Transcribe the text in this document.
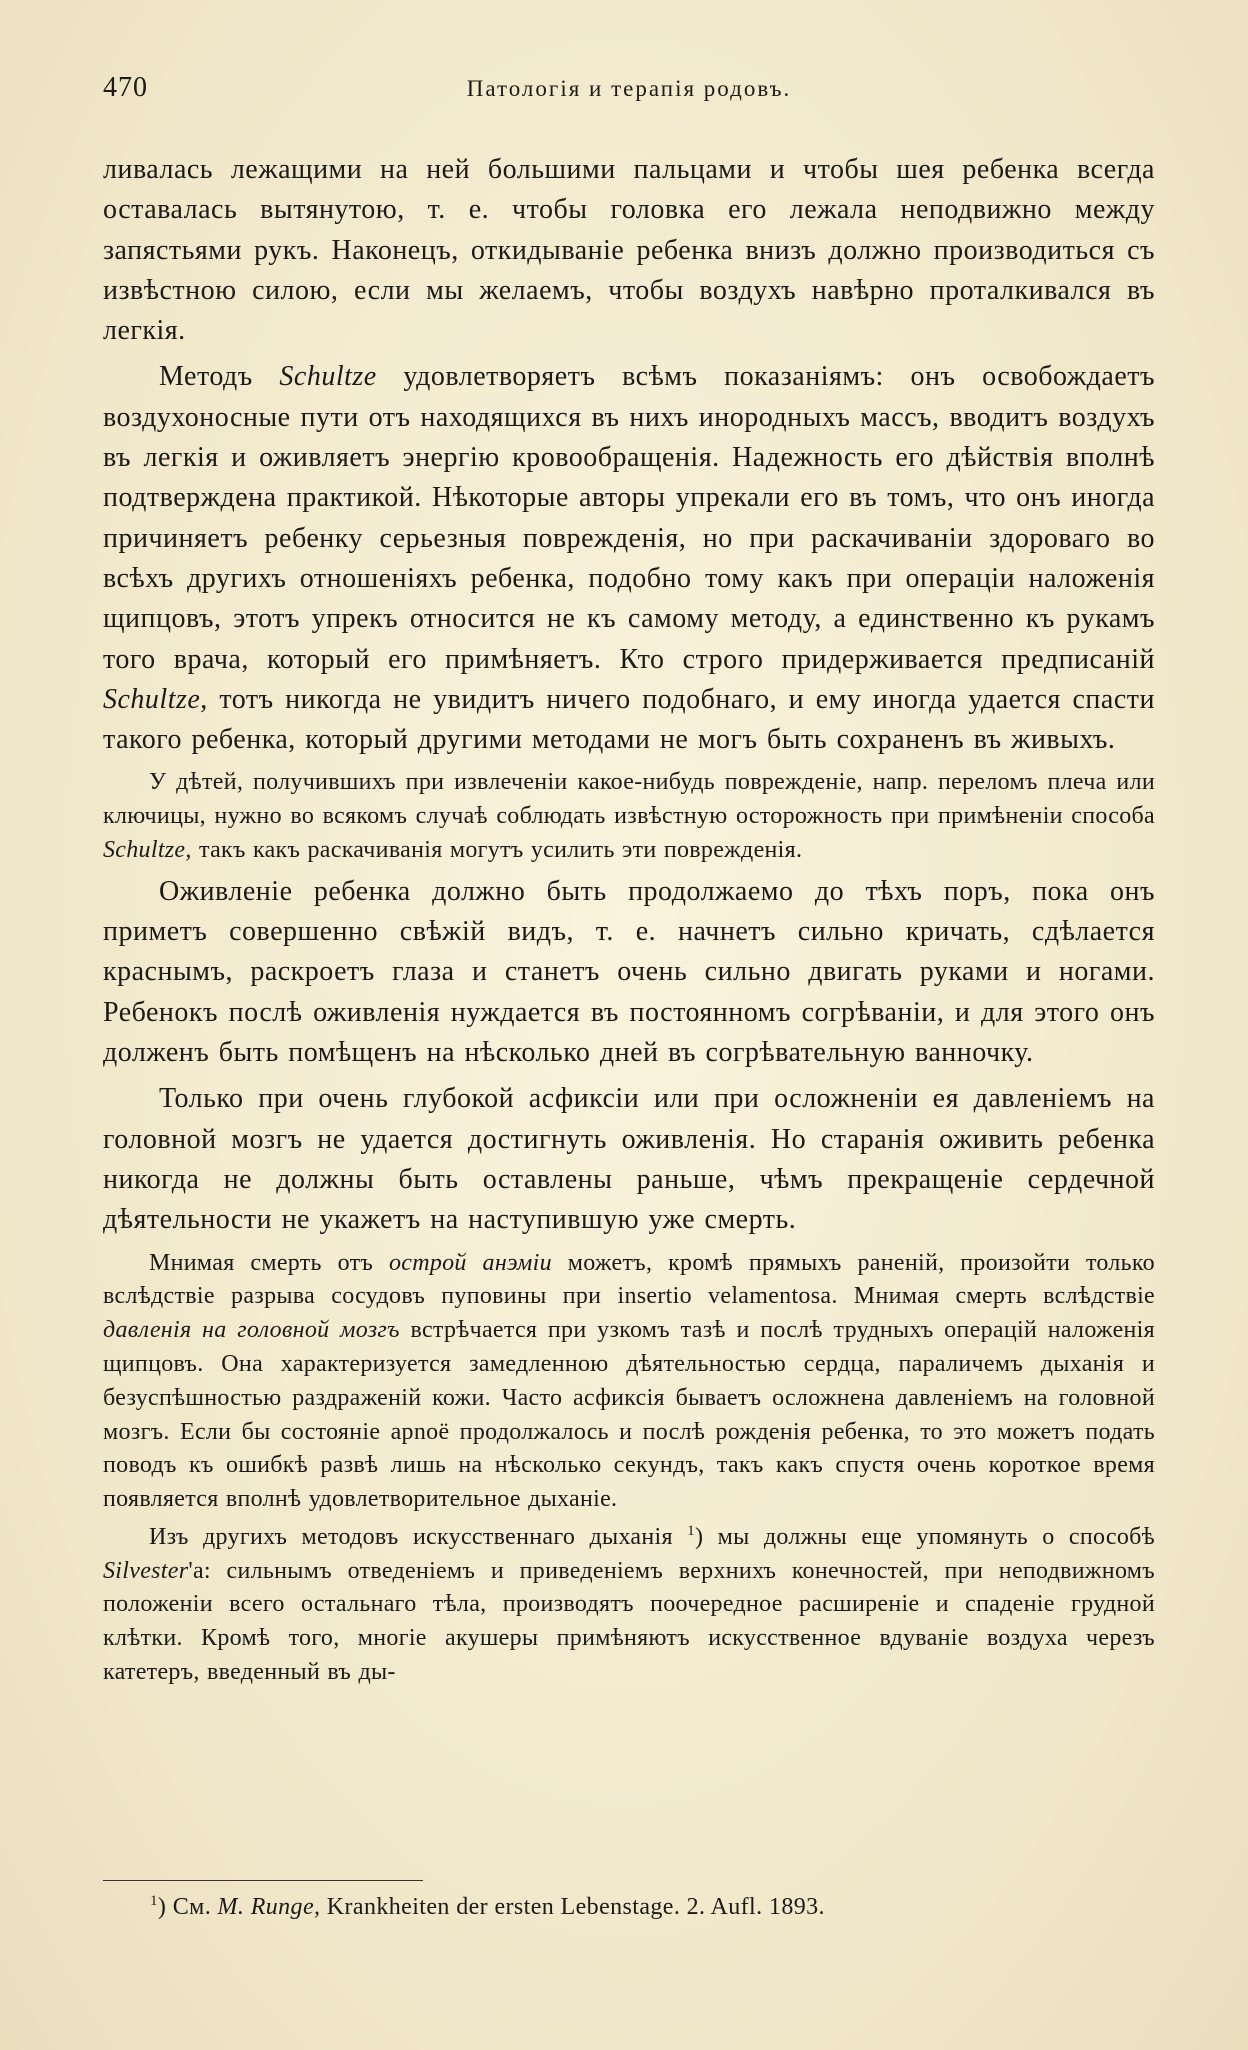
470	Патологія и терапія родовъ.

ливалась лежащими на ней большими пальцами и чтобы шея ребенка всегда оставалась вытянутою, т. е. чтобы головка его лежала неподвижно между запястьями рукъ. Наконецъ, откидываніе ребенка внизъ должно производиться съ извѣстною силою, если мы желаемъ, чтобы воздухъ навѣрно проталкивался въ легкія.

Методъ Schultze удовлетворяетъ всѣмъ показаніямъ: онъ освобождаетъ воздухоносные пути отъ находящихся въ нихъ инородныхъ массъ, вводитъ воздухъ въ легкія и оживляетъ энергію кровообращенія. Надежность его дѣйствія вполнѣ подтверждена практикой. Нѣкоторые авторы упрекали его въ томъ, что онъ иногда причиняетъ ребенку серьезныя поврежденія, но при раскачиваніи здороваго во всѣхъ другихъ отношеніяхъ ребенка, подобно тому какъ при операціи наложенія щипцовъ, этотъ упрекъ относится не къ самому методу, а единственно къ рукамъ того врача, который его примѣняетъ. Кто строго придерживается предписаній Schultze, тотъ никогда не увидитъ ничего подобнаго, и ему иногда удается спасти такого ребенка, который другими методами не могъ быть сохраненъ въ живыхъ.

У дѣтей, получившихъ при извлеченіи какое-нибудь поврежденіе, напр. переломъ плеча или ключицы, нужно во всякомъ случаѣ соблюдать извѣстную осторожность при примѣненіи способа Schultze, такъ какъ раскачиванія могутъ усилить эти поврежденія.

Оживленіе ребенка должно быть продолжаемо до тѣхъ поръ, пока онъ приметъ совершенно свѣжій видъ, т. е. начнетъ сильно кричать, сдѣлается краснымъ, раскроетъ глаза и станетъ очень сильно двигать руками и ногами. Ребенокъ послѣ оживленія нуждается въ постоянномъ согрѣваніи, и для этого онъ долженъ быть помѣщенъ на нѣсколько дней въ согрѣвательную ванночку.

Только при очень глубокой асфиксіи или при осложненіи ея давленіемъ на головной мозгъ не удается достигнуть оживленія. Но старанія оживить ребенка никогда не должны быть оставлены раньше, чѣмъ прекращеніе сердечной дѣятельности не укажетъ на наступившую уже смерть.

Мнимая смерть отъ острой анэміи можетъ, кромѣ прямыхъ раненій, произойти только вслѣдствіе разрыва сосудовъ пуповины при insertio velamentosa. Мнимая смерть вслѣдствіе давленія на головной мозгъ встрѣчается при узкомъ тазѣ и послѣ трудныхъ операцій наложенія щипцовъ. Она характеризуется замедленною дѣятельностью сердца, параличемъ дыханія и безуспѣшностью раздраженій кожи. Часто асфиксія бываетъ осложнена давленіемъ на головной мозгъ. Если бы состояніе apnoë продолжалось и послѣ рожденія ребенка, то это можетъ подать поводъ къ ошибкѣ развѣ лишь на нѣсколько секундъ, такъ какъ спустя очень короткое время появляется вполнѣ удовлетворительное дыханіе.

Изъ другихъ методовъ искусственнаго дыханія $^1$) мы должны еще упомянуть о способѣ Silvester'а: сильнымъ отведеніемъ и приведеніемъ верхнихъ конечностей, при неподвижномъ положеніи всего остальнаго тѣла, производятъ поочередное расширеніе и спаденіе грудной клѣтки. Кромѣ того, многіе акушеры примѣняютъ искусственное вдуваніе воздуха черезъ катетеръ, введенный въ ды-

$^1$) См. M. Runge, Krankheiten der ersten Lebenstage. 2. Aufl. 1893.
